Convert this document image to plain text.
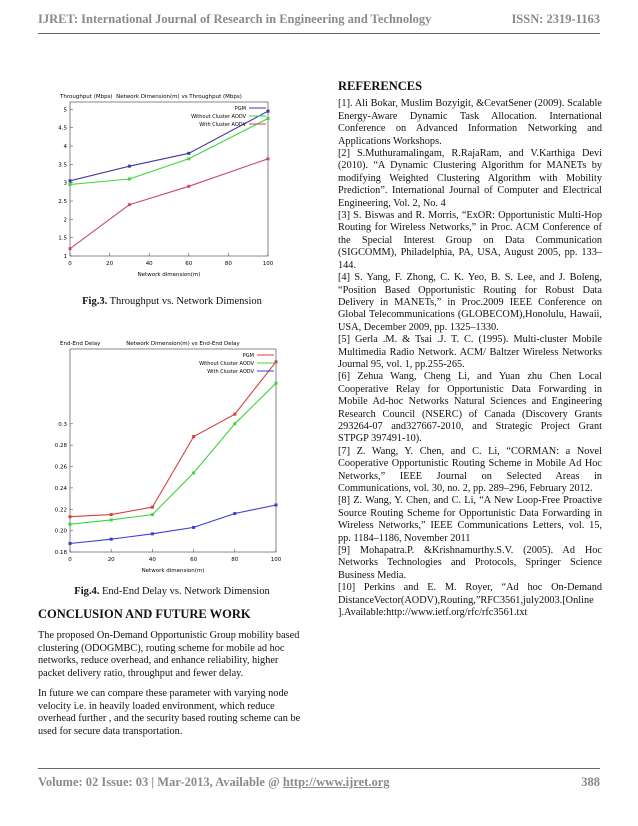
IJRET: International Journal of Research in Engineering and Technology	ISSN: 2319-1163
Network Dimension(m) vs Throughput (Mbps)
Throughput (Mbps)
Network dimension(m)
0	20	40	60	80	100
1
1.5
2
2.5
3
3.5
4
4.5
5	PGM
Without Cluster AODV
With Cluster AODV
Fig.3. Throughput vs. Network Dimension
Network Dimension(m) vs End-End Delay
End-End Delay
Network dimension(m)
0	20	40	60	80	100
0.18
0.20
0.22
0.24
0.26
0.28
0.3
PGM
Without Cluster AODV
With Cluster AODV
Fig.4. End-End Delay vs. Network Dimension
CONCLUSION AND FUTURE WORK
The proposed On-Demand Opportunistic Group mobility based clustering (ODOGMBC), routing scheme for mobile ad hoc networks, reduce overhead, and enhance reliability, higher packet delivery ratio, throughput and fewer delay.
In future we can compare these parameter with varying node velocity i.e. in heavily loaded environment, which reduce overhead further , and the security based routing scheme can be used for secure data transportation.
REFERENCES

[1]. Ali Bokar, Muslim Bozyigit, &CevatSener (2009). Scalable Energy-Aware Dynamic Task Allocation. International Conference on Advanced Information Networking and Applications Workshops.

[2] S.Muthuramalingam, R.RajaRam, and V.Karthiga Devi (2010). “A Dynamic Clustering Algorithm for MANETs by modifying Weighted Clustering Algorithm with Mobility Prediction”. International Journal of Computer and Electrical Engineering, Vol. 2, No. 4

[3] S. Biswas and R. Morris, “ExOR: Opportunistic Multi-Hop Routing for Wireless Networks,” in Proc. ACM Conference of the Special Interest Group on Data Communication (SIGCOMM), Philadelphia, PA, USA, August 2005, pp. 133–144.

[4] S. Yang, F. Zhong, C. K. Yeo, B. S. Lee, and J. Boleng, “Position Based Opportunistic Routing for Robust Data Delivery in MANETs,” in Proc.2009 IEEE Conference on Global Telecommunications (GLOBECOM),Honolulu, Hawaii, USA, December 2009, pp. 1325–1330.

[5] Gerla .M. & Tsai .J. T. C. (1995). Multi-cluster Mobile Multimedia Radio Network. ACM/ Baltzer Wireless Networks Journal 95, vol. 1, pp.255-265.

[6] Zehua Wang, Cheng Li, and Yuan zhu Chen Local Cooperative Relay for Opportunistic Data Forwarding in Mobile Ad-hoc Networks Natural Sciences and Engineering Research Council (NSERC) of Canada (Discovery Grants 293264-07 and327667-2010, and Strategic Project Grant STPGP 397491-10).

[7] Z. Wang, Y. Chen, and C. Li, “CORMAN: a Novel Cooperative Opportunistic Routing Scheme in Mobile Ad Hoc Networks,” IEEE Journal on Selected Areas in Communications, vol. 30, no. 2, pp. 289–296, February 2012.

[8] Z. Wang, Y. Chen, and C. Li, “A New Loop-Free Proactive Source Routing Scheme for Opportunistic Data Forwarding in Wireless Networks,” IEEE Communications Letters, vol. 15, pp. 1184–1186, November 2011

[9] Mohapatra.P. &Krishnamurthy.S.V. (2005). Ad Hoc Networks Technologies and Protocols, Springer Science Business Media.

[10] Perkins and E. M. Royer, “Ad hoc On-Demand DistanceVector(AODV),Routing,”RFC3561,july2003.[Online ].Available:http://www.ietf.org/rfc/rfc3561.txt

Volume: 02 Issue: 03 | Mar-2013, Available @ http://www.ijret.org	388
